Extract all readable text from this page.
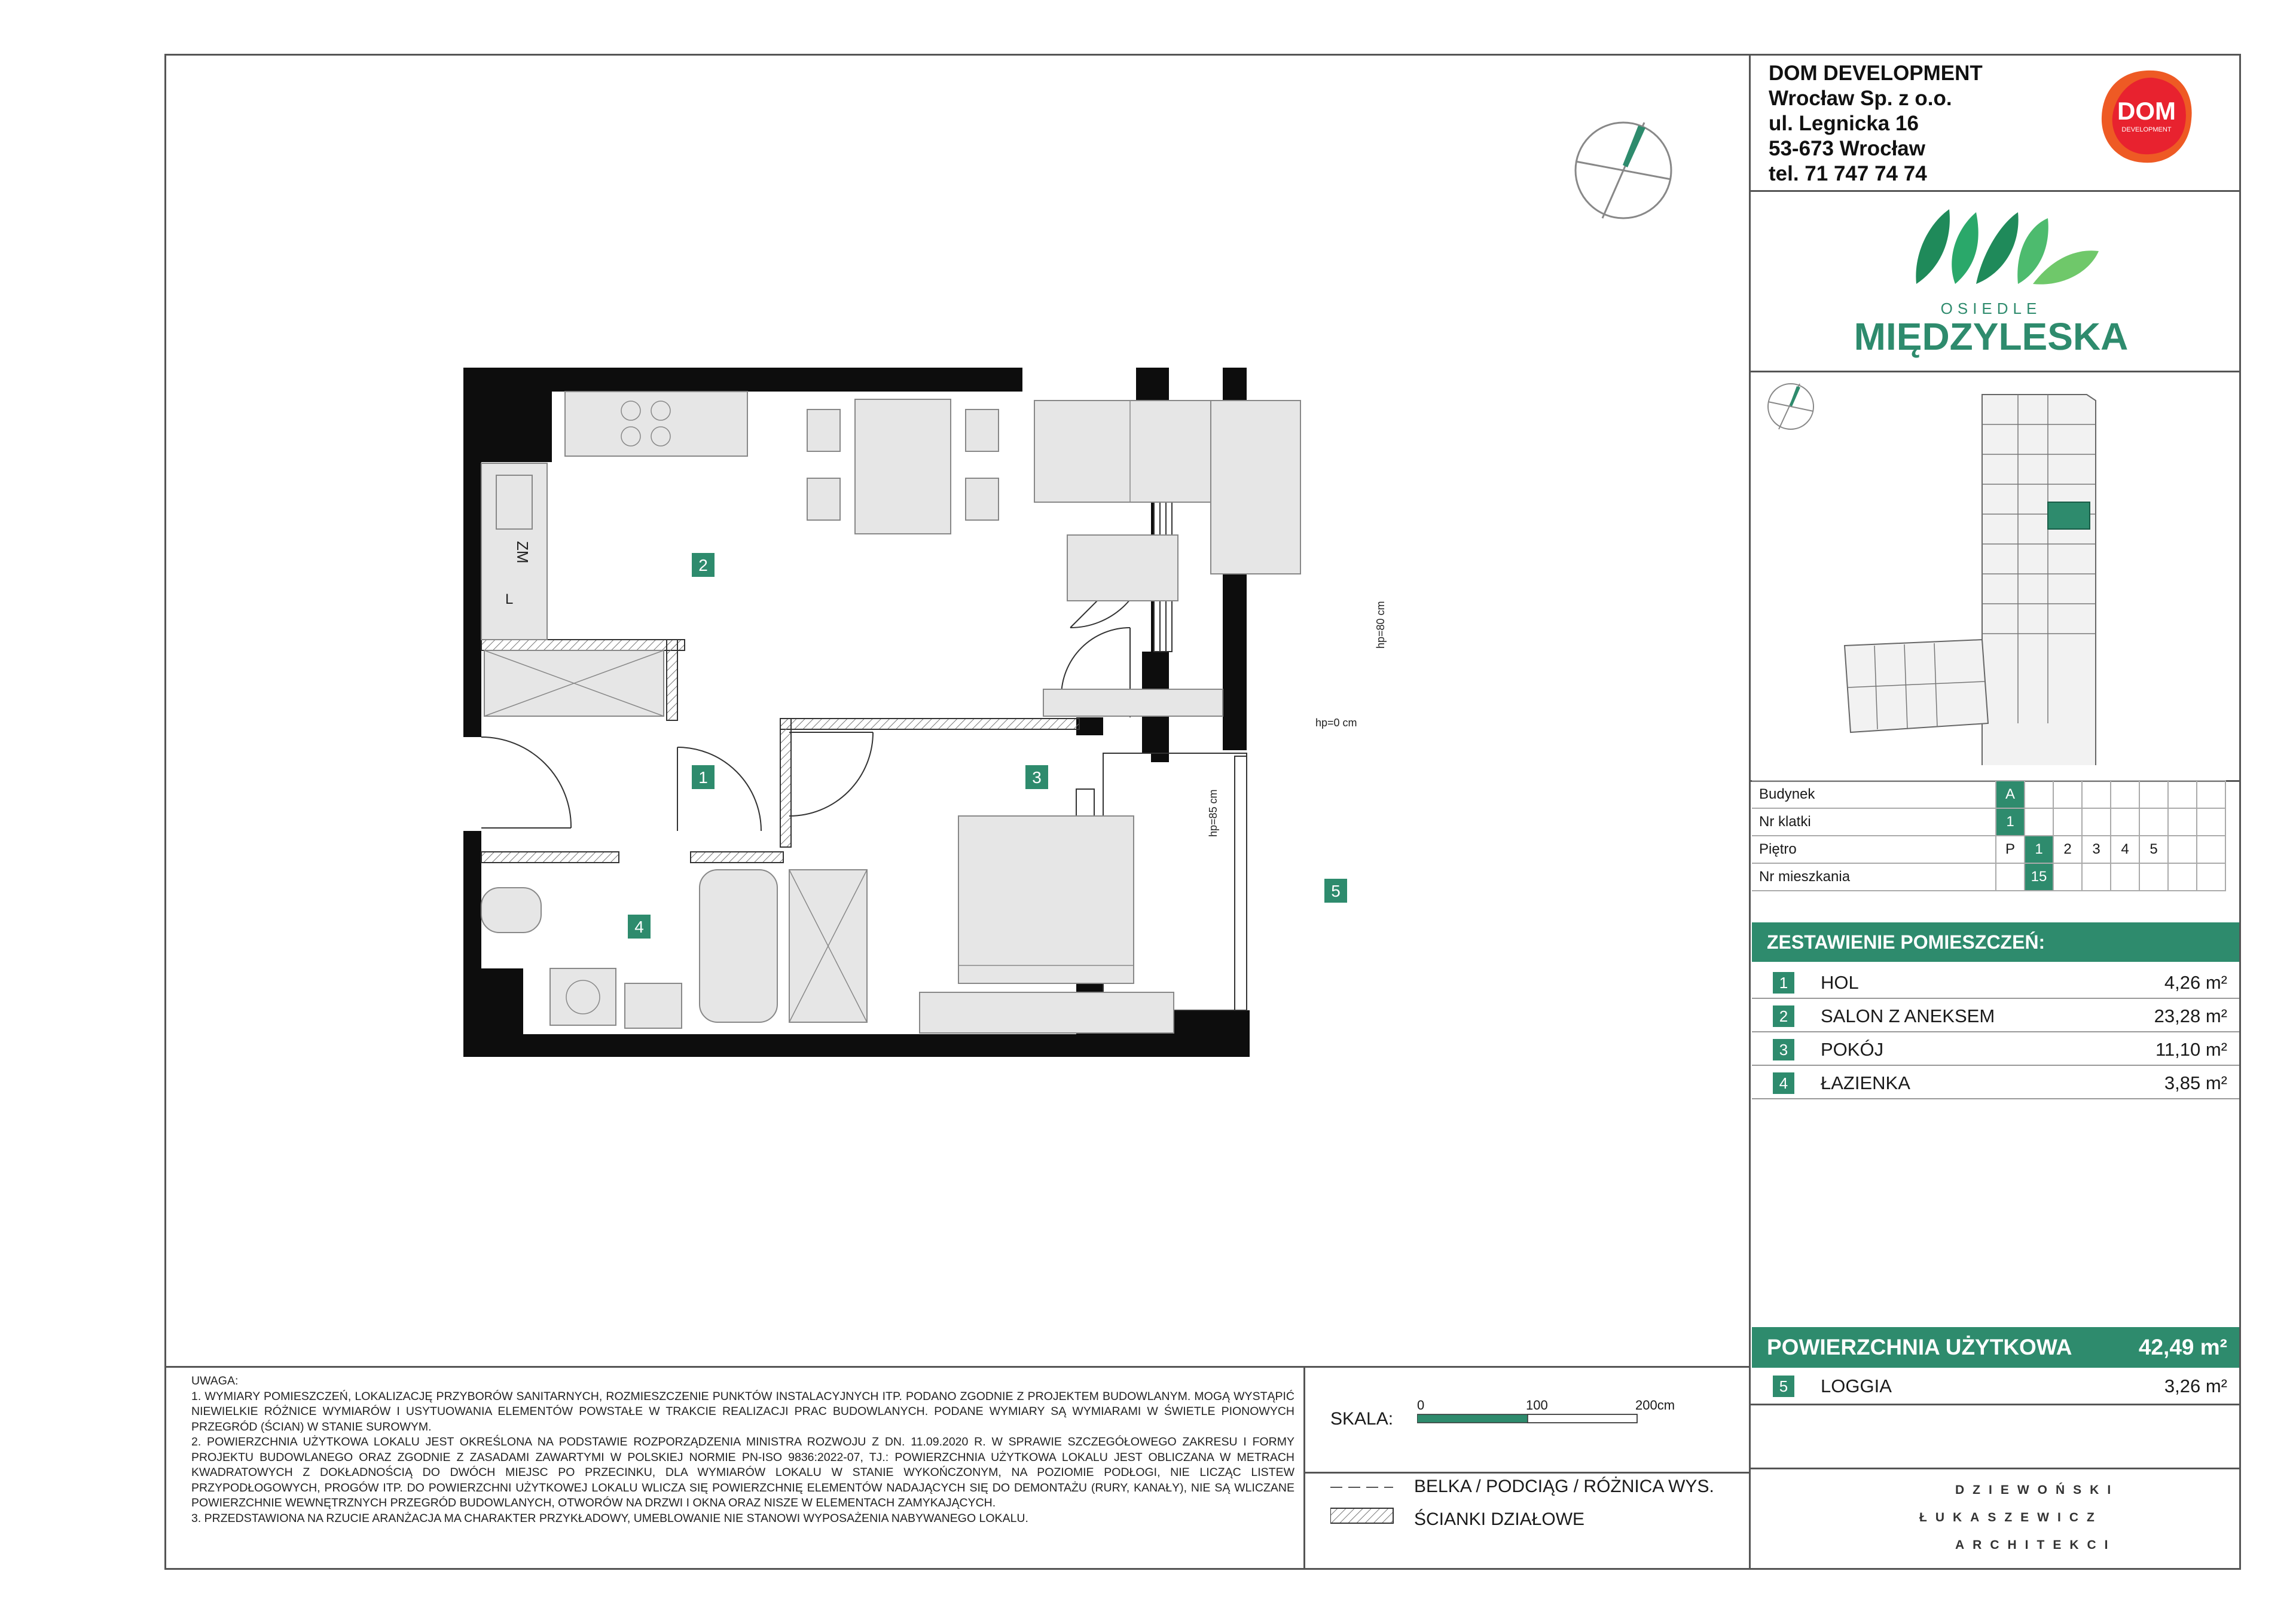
DOM DEVELOPMENT
Wrocław Sp. z o.o.
ul. Legnicka 16
53-673 Wrocław
tel. 71 747 74 74
DOM
DEVELOPMENT
OSIEDLE
MIĘDZYLESKA
Budynek	A							
Nr klatki	1							
Piętro	P	1	2	3	4	5		
Nr mieszkania		15						
ZESTAWIENIE POMIESZCZEŃ:
1	HOL	4,26 m²
2	SALON Z ANEKSEM	23,28 m²
3	POKÓJ	11,10 m²
4	ŁAZIENKA	3,85 m²
POWIERZCHNIA UŻYTKOWA	42,49 m²
5	LOGGIA	3,26 m²
1
2
3
4
5
ZM
L
hp=80 cm
hp=0 cm
hp=85 cm
UWAGA:
1. WYMIARY POMIESZCZEŃ, LOKALIZACJĘ PRZYBORÓW SANITARNYCH, ROZMIESZCZENIE PUNKTÓW INSTALACYJNYCH ITP. PODANO ZGODNIE Z PROJEKTEM BUDOWLANYM. MOGĄ WYSTĄPIĆ NIEWIELKIE RÓŻNICE WYMIARÓW I USYTUOWANIA ELEMENTÓW POWSTAŁE W TRAKCIE REALIZACJI PRAC BUDOWLANYCH. PODANE WYMIARY SĄ WYMIARAMI W ŚWIETLE PIONOWYCH PRZEGRÓD (ŚCIAN) W STANIE SUROWYM.
2. POWIERZCHNIA UŻYTKOWA LOKALU JEST OKREŚLONA NA PODSTAWIE ROZPORZĄDZENIA MINISTRA ROZWOJU Z DN. 11.09.2020 R. W SPRAWIE SZCZEGÓŁOWEGO ZAKRESU I FORMY PROJEKTU BUDOWLANEGO ORAZ ZGODNIE Z ZASADAMI ZAWARTYMI W POLSKIEJ NORMIE PN-ISO 9836:2022-07, TJ.: POWIERZCHNIA UŻYTKOWA LOKALU JEST OBLICZANA W METRACH KWADRATOWYCH Z DOKŁADNOŚCIĄ DO DWÓCH MIEJSC PO PRZECINKU, DLA WYMIARÓW LOKALU W STANIE WYKOŃCZONYM, NA POZIOMIE PODŁOGI, NIE LICZĄC LISTEW PRZYPODŁOGOWYCH, PROGÓW ITP. DO POWIERZCHNI UŻYTKOWEJ LOKALU WLICZA SIĘ POWIERZCHNIĘ ELEMENTÓW NADAJĄCYCH SIĘ DO DEMONTAŻU (RURY, KANAŁY), NIE SĄ WLICZANE POWIERZCHNIE WEWNĘTRZNYCH PRZEGRÓD BUDOWLANYCH, OTWORÓW NA DRZWI I OKNA ORAZ NISZE W ELEMENTACH ZAMYKAJĄCYCH.
3. PRZEDSTAWIONA NA RZUCIE ARANŻACJA MA CHARAKTER PRZYKŁADOWY, UMEBLOWANIE NIE STANOWI WYPOSAŻENIA NABYWANEGO LOKALU.
SKALA:
0	100	200cm
BELKA / PODCIĄG / RÓŻNICA WYS.
ŚCIANKI DZIAŁOWE
DZIEWOŃSKI
ŁUKASZEWICZ
ARCHITEKCI
